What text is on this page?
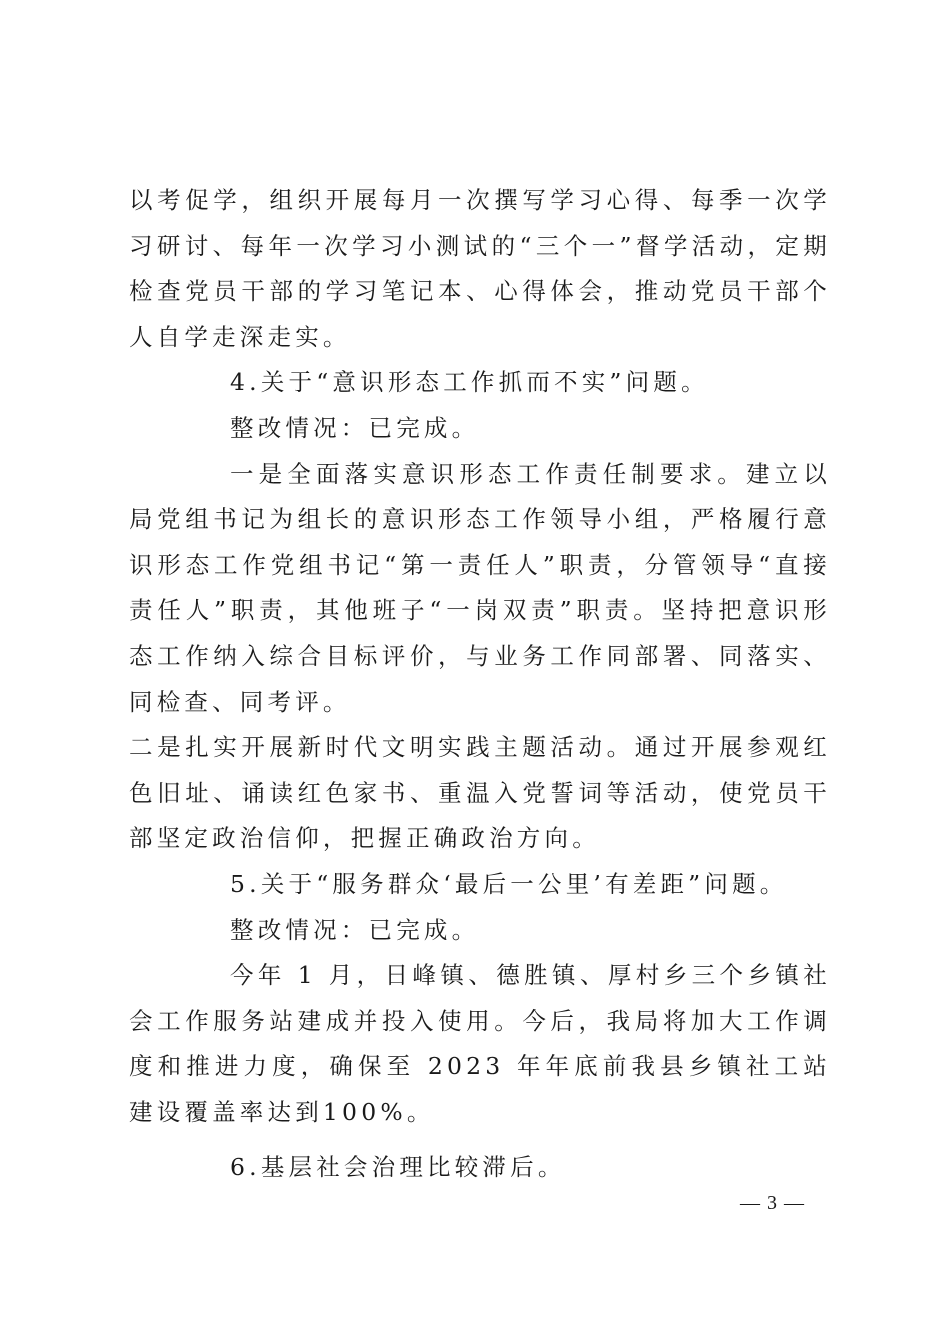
以考促学，组织开展每月一次撰写学习心得、每季一次学习研讨、每年一次学习小测试的“三个一”督学活动，定期检查党员干部的学习笔记本、心得体会，推动党员干部个人自学走深走实。

4.关于“意识形态工作抓而不实”问题。

整改情况：已完成。

一是全面落实意识形态工作责任制要求。建立以局党组书记为组长的意识形态工作领导小组，严格履行意识形态工作党组书记“第一责任人”职责，分管领导“直接责任人”职责，其他班子“一岗双责”职责。坚持把意识形态工作纳入综合目标评价，与业务工作同部署、同落实、同检查、同考评。

二是扎实开展新时代文明实践主题活动。通过开展参观红色旧址、诵读红色家书、重温入党誓词等活动，使党员干部坚定政治信仰，把握正确政治方向。

5.关于“服务群众‘最后一公里’有差距”问题。

整改情况：已完成。

今年 1 月，日峰镇、德胜镇、厚村乡三个乡镇社会工作服务站建成并投入使用。今后，我局将加大工作调度和推进力度，确保至 2023 年年底前我县乡镇社工站建设覆盖率达到100%。

6.基层社会治理比较滞后。

— 3 —
